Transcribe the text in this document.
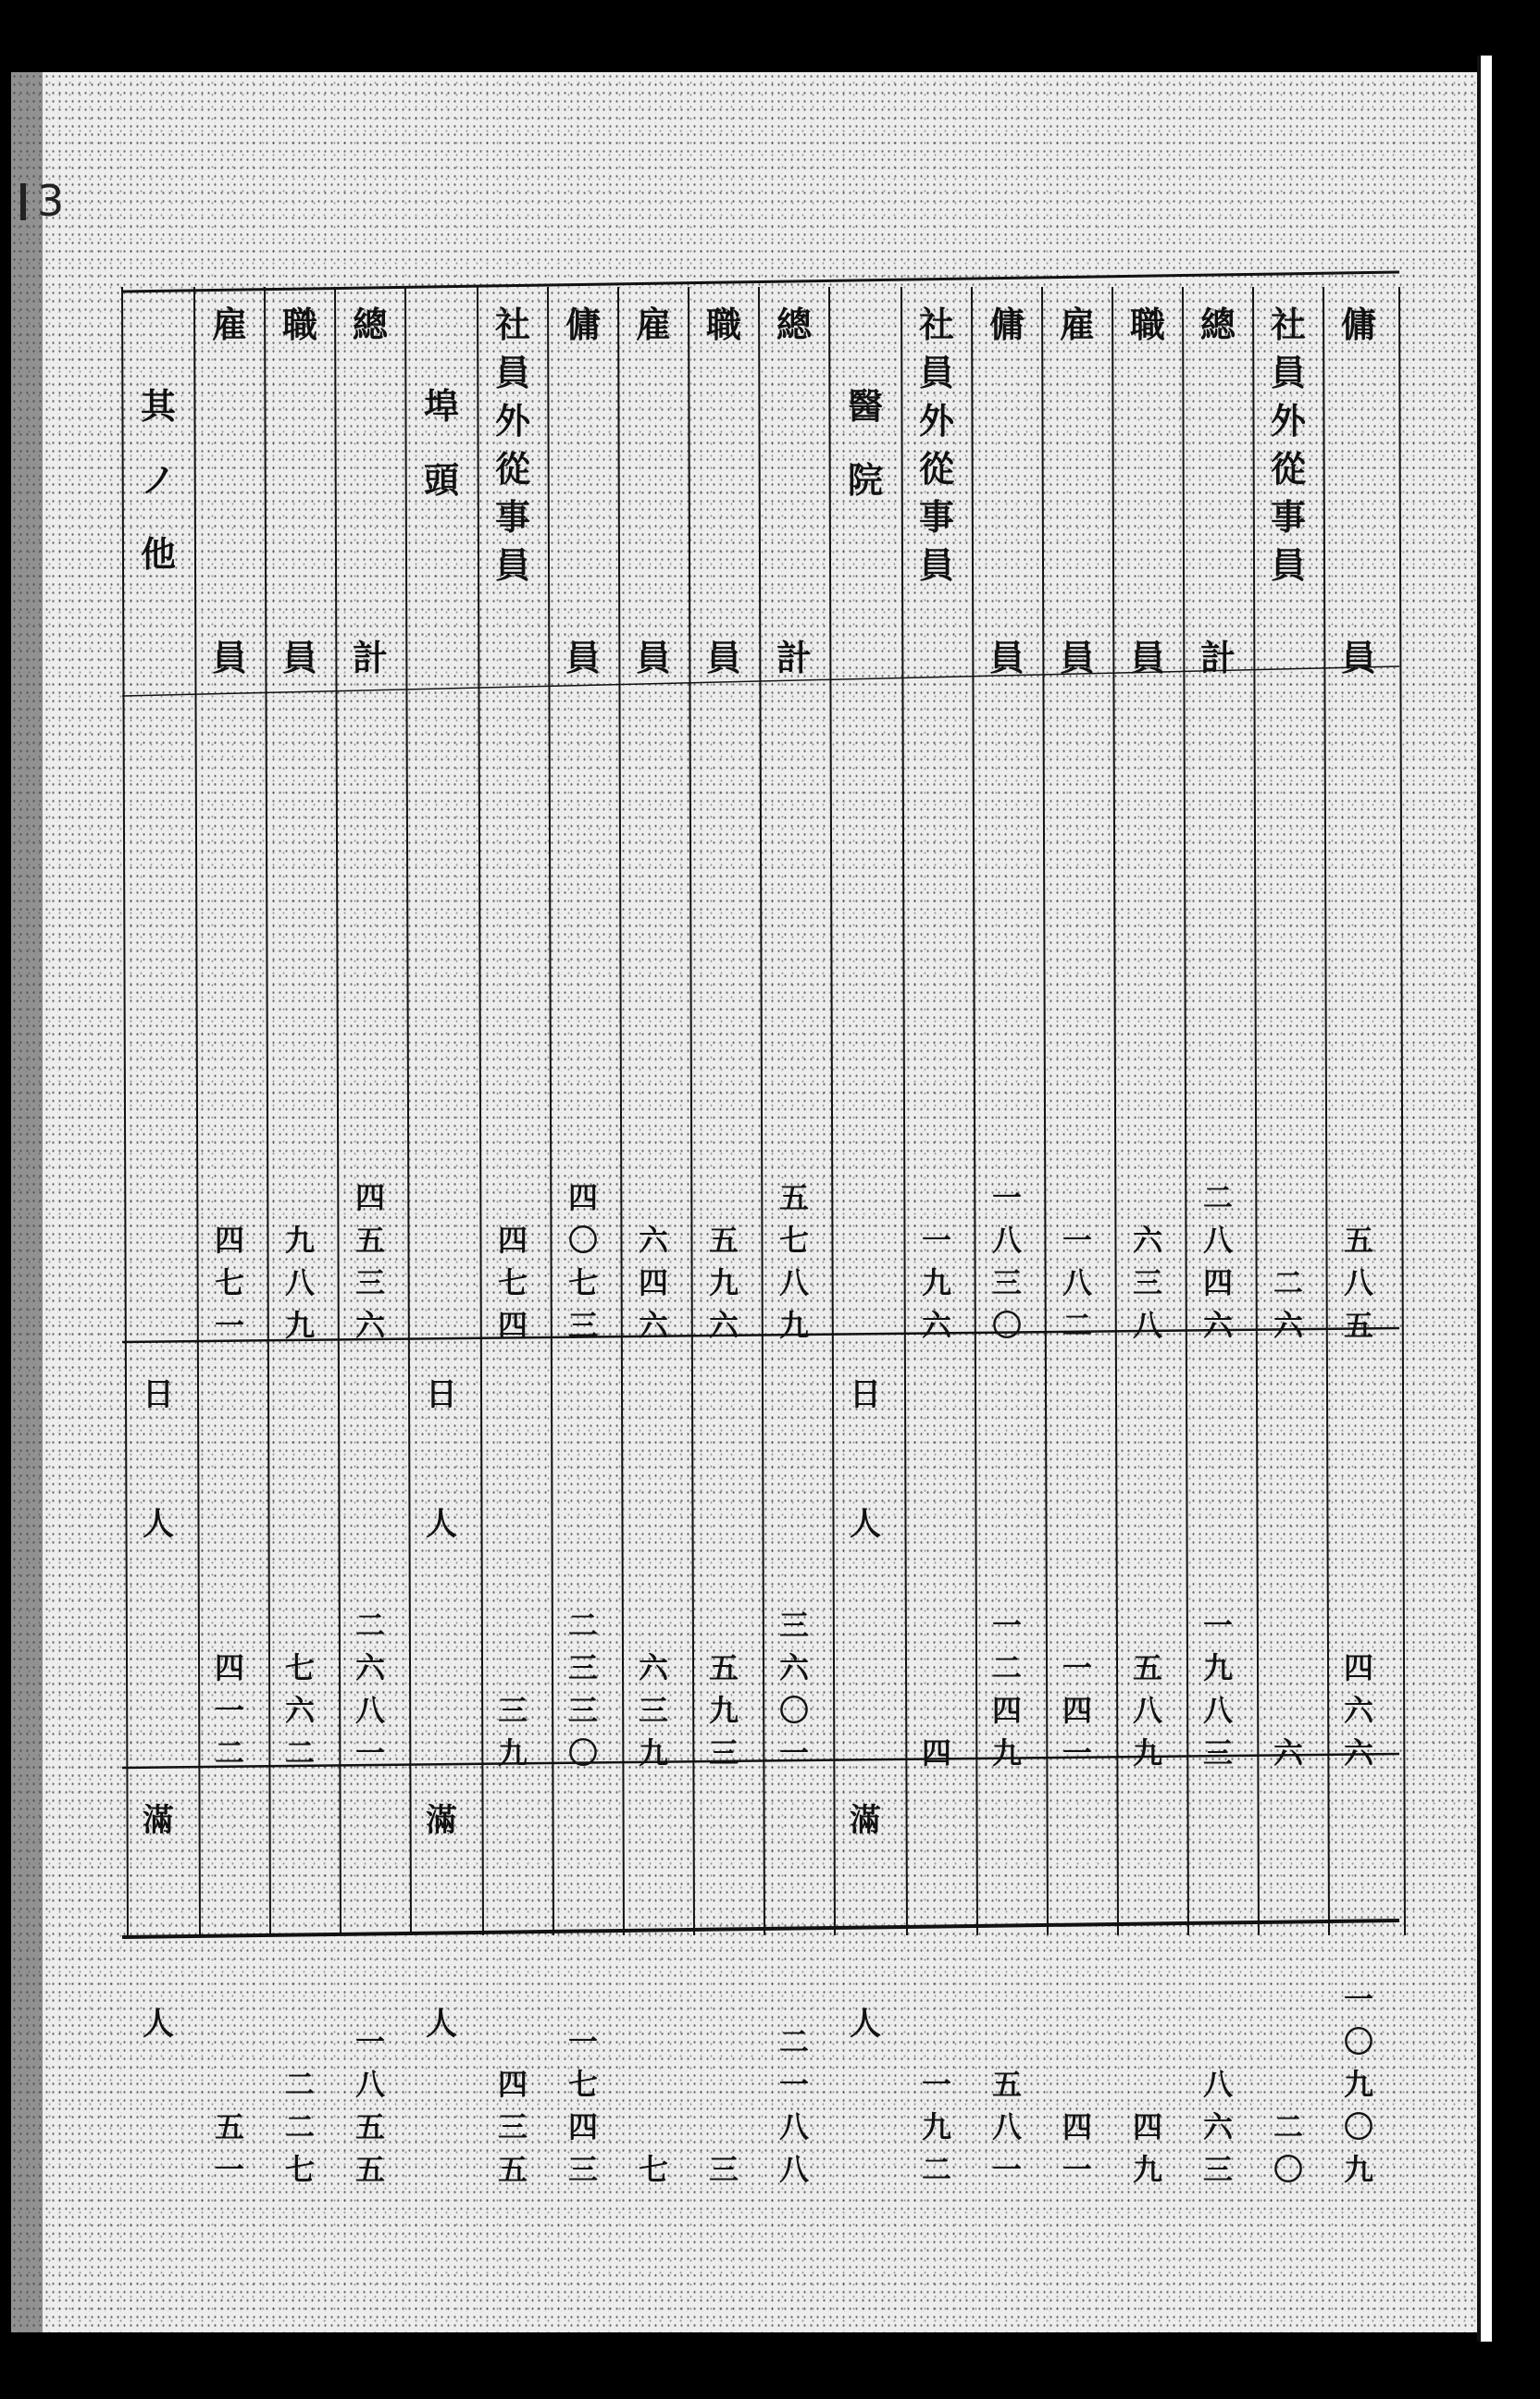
3
傭
員
五
八
五
四
六
六
一
〇
九
〇
九
社
員
外
從
事
員
二
六
六
二
〇
總
計
二
八
四
六
一
九
八
三
八
六
三
職
員
六
三
八
五
八
九
四
九
雇
員
一
八
二
一
四
一
四
一
傭
員
一
八
三
〇
一
二
四
九
五
八
一
社
員
外
從
事
員
一
九
六
四
一
九
二
醫
院
日
人
滿
人
總
計
五
七
八
九
三
六
〇
一
二
一
八
八
職
員
五
九
六
五
九
三
三
雇
員
六
四
六
六
三
九
七
傭
員
四
〇
七
三
二
三
三
〇
一
七
四
三
社
員
外
從
事
員
四
七
四
三
九
四
三
五
埠
頭
日
人
滿
人
總
計
四
五
三
六
二
六
八
一
一
八
五
五
職
員
九
八
九
七
六
二
二
二
七
雇
員
四
七
一
四
一
二
五
一
其
ノ
他
日
人
滿
人
